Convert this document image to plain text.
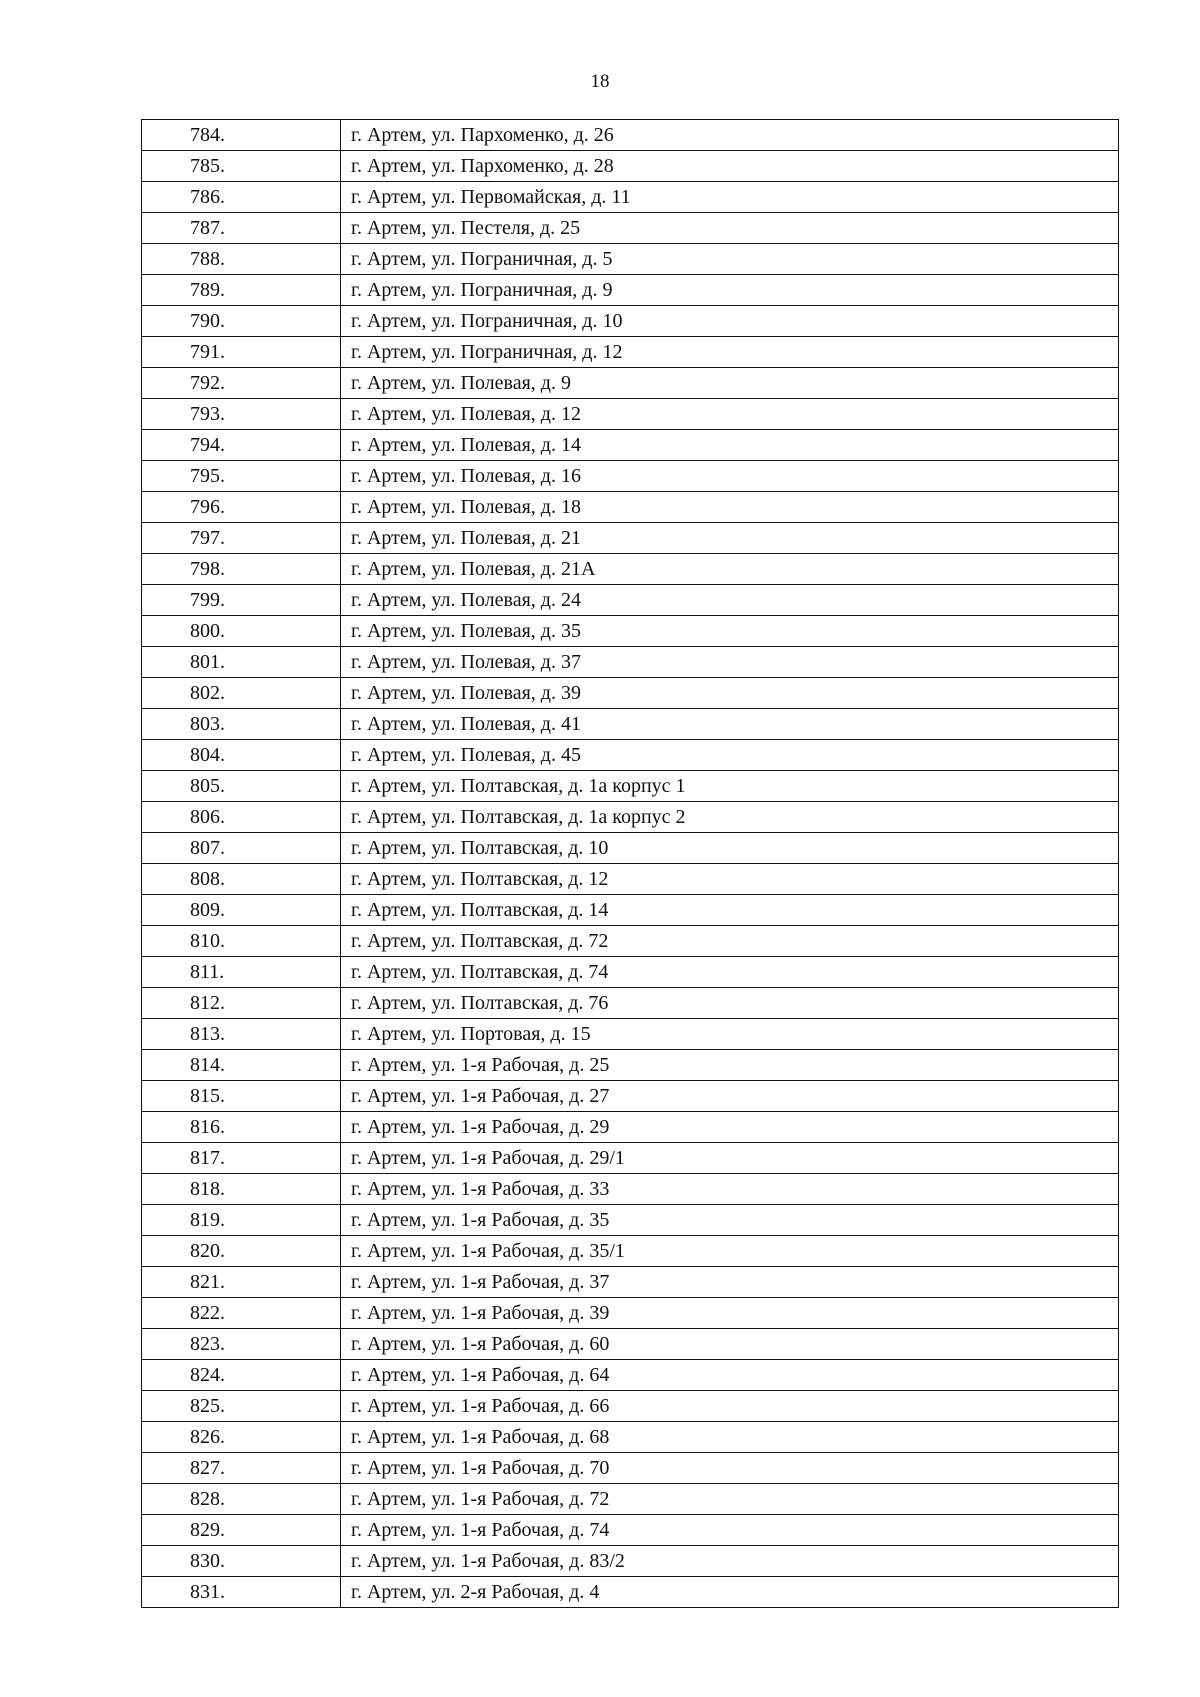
18
784.	г. Артем, ул. Пархоменко, д. 26
785.	г. Артем, ул. Пархоменко, д. 28
786.	г. Артем, ул. Первомайская, д. 11
787.	г. Артем, ул. Пестеля, д. 25
788.	г. Артем, ул. Пограничная, д. 5
789.	г. Артем, ул. Пограничная, д. 9
790.	г. Артем, ул. Пограничная, д. 10
791.	г. Артем, ул. Пограничная, д. 12
792.	г. Артем, ул. Полевая, д. 9
793.	г. Артем, ул. Полевая, д. 12
794.	г. Артем, ул. Полевая, д. 14
795.	г. Артем, ул. Полевая, д. 16
796.	г. Артем, ул. Полевая, д. 18
797.	г. Артем, ул. Полевая, д. 21
798.	г. Артем, ул. Полевая, д. 21А
799.	г. Артем, ул. Полевая, д. 24
800.	г. Артем, ул. Полевая, д. 35
801.	г. Артем, ул. Полевая, д. 37
802.	г. Артем, ул. Полевая, д. 39
803.	г. Артем, ул. Полевая, д. 41
804.	г. Артем, ул. Полевая, д. 45
805.	г. Артем, ул. Полтавская, д. 1а корпус 1
806.	г. Артем, ул. Полтавская, д. 1а корпус 2
807.	г. Артем, ул. Полтавская, д. 10
808.	г. Артем, ул. Полтавская, д. 12
809.	г. Артем, ул. Полтавская, д. 14
810.	г. Артем, ул. Полтавская, д. 72
811.	г. Артем, ул. Полтавская, д. 74
812.	г. Артем, ул. Полтавская, д. 76
813.	г. Артем, ул. Портовая, д. 15
814.	г. Артем, ул. 1-я Рабочая, д. 25
815.	г. Артем, ул. 1-я Рабочая, д. 27
816.	г. Артем, ул. 1-я Рабочая, д. 29
817.	г. Артем, ул. 1-я Рабочая, д. 29/1
818.	г. Артем, ул. 1-я Рабочая, д. 33
819.	г. Артем, ул. 1-я Рабочая, д. 35
820.	г. Артем, ул. 1-я Рабочая, д. 35/1
821.	г. Артем, ул. 1-я Рабочая, д. 37
822.	г. Артем, ул. 1-я Рабочая, д. 39
823.	г. Артем, ул. 1-я Рабочая, д. 60
824.	г. Артем, ул. 1-я Рабочая, д. 64
825.	г. Артем, ул. 1-я Рабочая, д. 66
826.	г. Артем, ул. 1-я Рабочая, д. 68
827.	г. Артем, ул. 1-я Рабочая, д. 70
828.	г. Артем, ул. 1-я Рабочая, д. 72
829.	г. Артем, ул. 1-я Рабочая, д. 74
830.	г. Артем, ул. 1-я Рабочая, д. 83/2
831.	г. Артем, ул. 2-я Рабочая, д. 4
